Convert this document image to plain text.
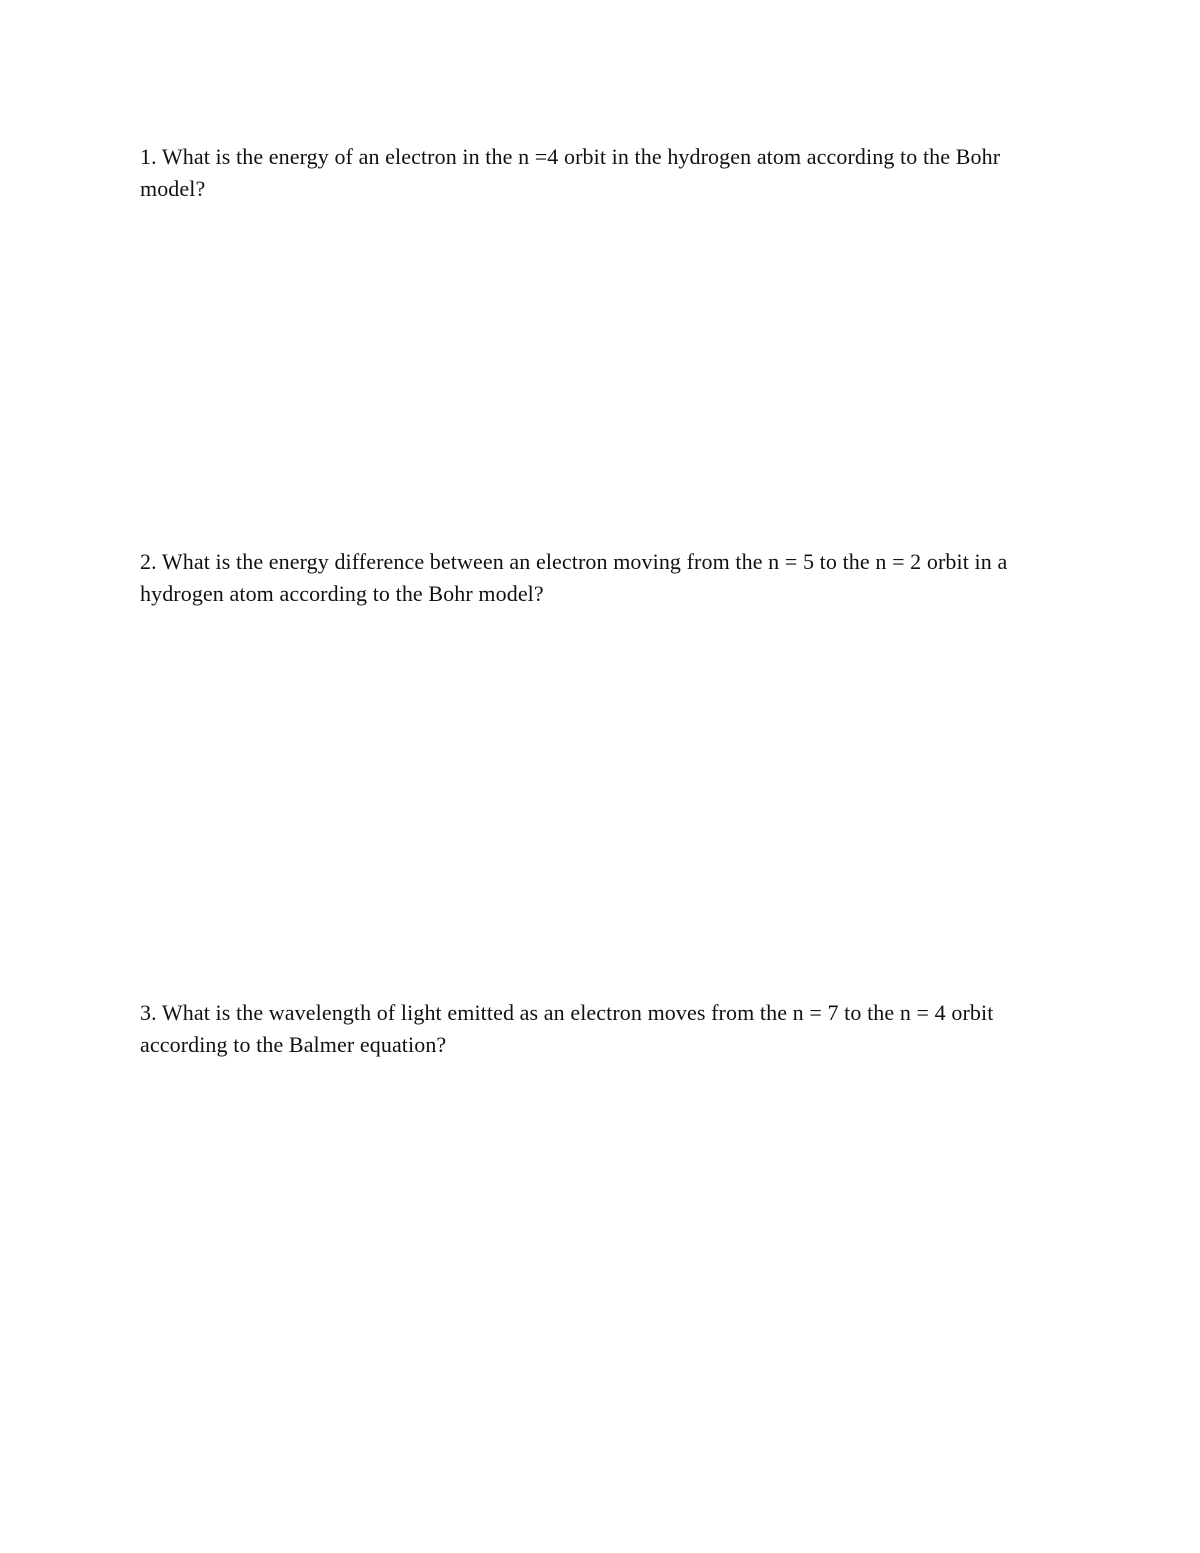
1. What is the energy of an electron in the n =4 orbit in the hydrogen atom according to the Bohr model?

2. What is the energy difference between an electron moving from the n = 5 to the n = 2 orbit in a hydrogen atom according to the Bohr model?

3. What is the wavelength of light emitted as an electron moves from the n = 7 to the n = 4 orbit according to the Balmer equation?
